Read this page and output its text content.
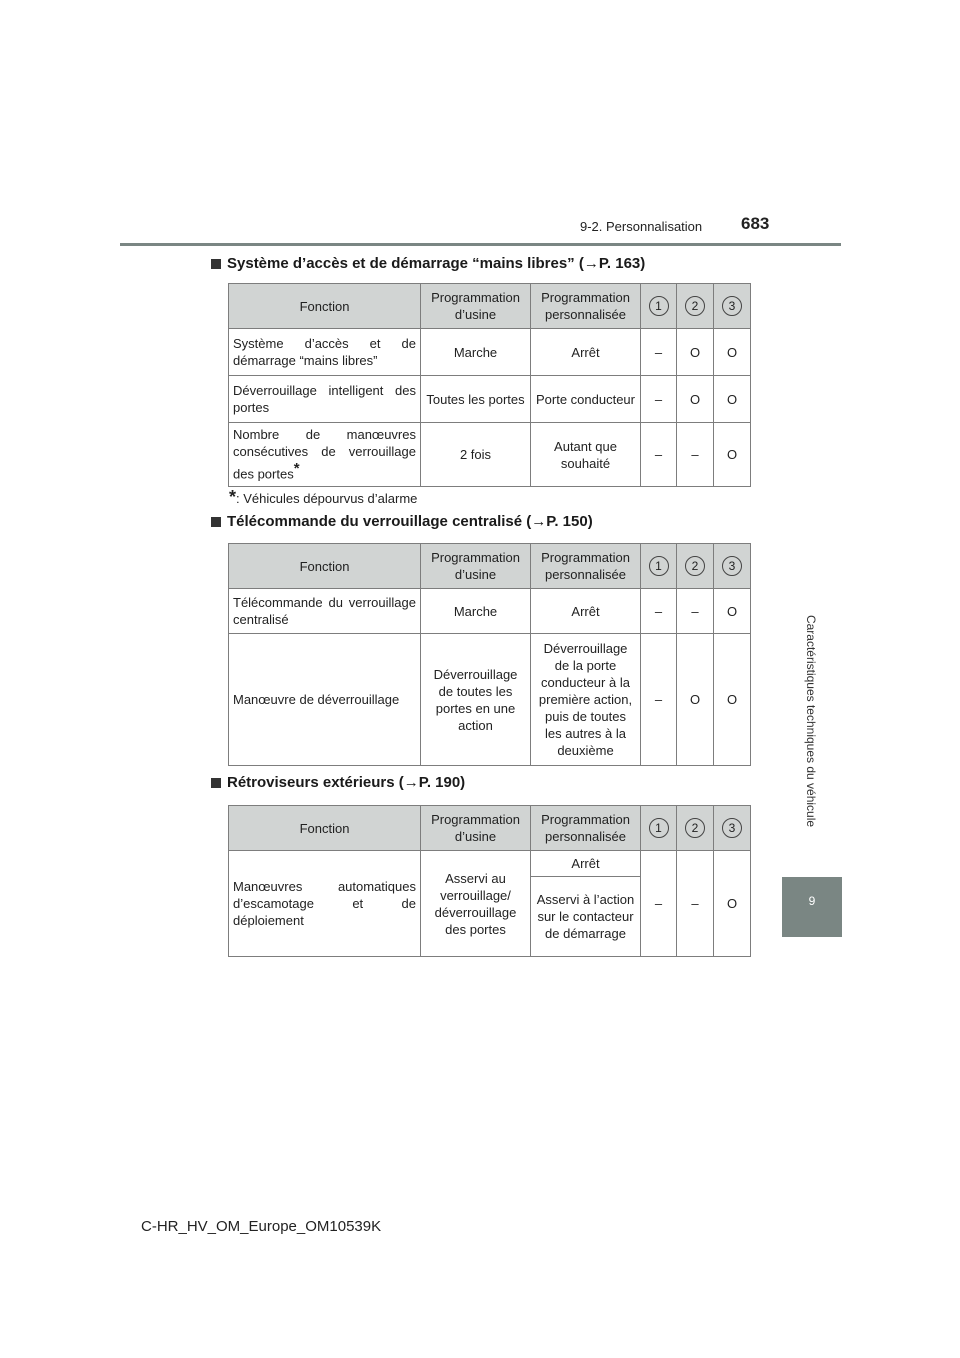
9-2. Personnalisation 683
Caractéristiques techniques du véhicule
9
Système d’accès et de démarrage “mains libres” (→P. 163)
Fonction	Programmation d’usine	Programmation personnalisée	1	2	3
Système d’accès et de démarrage “mains libres”	Marche	Arrêt	–	O	O
Déverrouillage intelligent des portes	Toutes les portes	Porte conducteur	–	O	O
Nombre de manœuvres consécutives de verrouillage des portes*	2 fois	Autant que souhaité	–	–	O
*: Véhicules dépourvus d’alarme
Télécommande du verrouillage centralisé (→P. 150)
Fonction	Programmation d’usine	Programmation personnalisée	1	2	3
Télécommande du verrouillage centralisé	Marche	Arrêt	–	–	O
Manœuvre de déverrouillage	Déverrouillage de toutes les portes en une action	Déverrouillage de la porte conducteur à la première action, puis de toutes les autres à la deuxième	–	O	O
Rétroviseurs extérieurs (→P. 190)
Fonction	Programmation d’usine	Programmation personnalisée	1	2	3
Manœuvres automatiques d’escamotage et de déploiement	Asservi au verrouillage/ déverrouillage des portes	Arrêt	–	–	O
		Asservi à l’action sur le contacteur de démarrage			
C-HR_HV_OM_Europe_OM10539K
